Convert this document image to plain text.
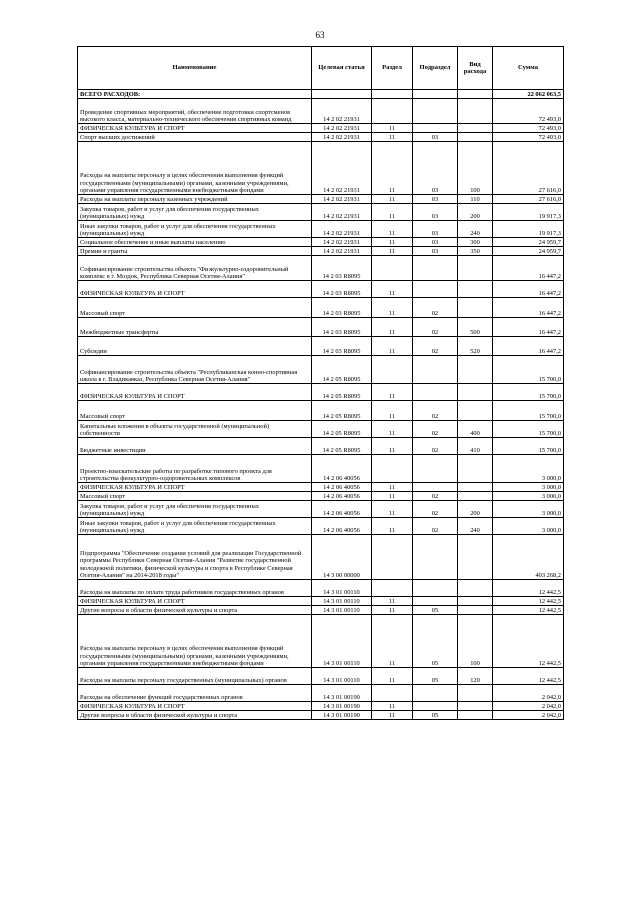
63
Наименование	Целевая статья	Раздел	Подраздел	Вид расхода	Сумма
ВСЕГО РАСХОДОВ:					22 062 063,5
Проведение спортивных мероприятий, обеспечение подготовки спортсменов высокого класса, материально-технического обеспечения спортивных команд	14 2 02 21931				72 493,0
ФИЗИЧЕСКАЯ КУЛЬТУРА И СПОРТ	14 2 02 21931	11			72 493,0
Спорт высших достижений	14 2 02 21931	11	03		72 493,0
Расходы на выплаты персоналу в целях обеспечения выполнения функций государственными (муниципальными) органами, казенными учреждениями, органами управления государственными внебюджетными фондами	14 2 02 21931	11	03	100	27 616,0
Расходы на выплаты персоналу казенных учреждений	14 2 02 21931	11	03	110	27 616,0
Закупка товаров, работ и услуг для обеспечения государственных (муниципальных) нужд	14 2 02 21931	11	03	200	19 917,3
Иные закупки товаров, работ и услуг для обеспечения государственных (муниципальных) нужд	14 2 02 21931	11	03	240	19 917,3
Социальное обеспечение и иные выплаты населению	14 2 02 21931	11	03	300	24 959,7
Премии и гранты	14 2 02 21931	11	03	350	24 959,7
Софинансирование строительства объекта "Физкультурно-оздоровительный комплекс в г. Моздок, Республика Северная Осетия-Алания"	14 2 03 R8095				16 447,2
ФИЗИЧЕСКАЯ КУЛЬТУРА И СПОРТ	14 2 03 R8095	11			16 447,2
Массовый спорт	14 2 03 R8095	11	02		16 447,2
Межбюджетные трансферты	14 2 03 R8095	11	02	500	16 447,2
Субсидии	14 2 03 R8095	11	02	520	16 447,2
Софинансирование строительства объекта "Республиканская конно-спортивная школа в г. Владикавказ, Республика Северная Осетия-Алания"	14 2 05 R8095				15 700,0
ФИЗИЧЕСКАЯ КУЛЬТУРА И СПОРТ	14 2 05 R8095	11			15 700,0
Массовый спорт	14 2 05 R8095	11	02		15 700,0
Капитальные вложения в объекты государственной (муниципальной) собственности	14 2 05 R8095	11	02	400	15 700,0
Бюджетные инвестиции	14 2 05 R8095	11	02	410	15 700,0
Проектно-изыскательские работы по разработке типового проекта для строительства физкультурно-оздоровительных комплексов	14 2 06 40056				3 000,0
ФИЗИЧЕСКАЯ КУЛЬТУРА И СПОРТ	14 2 06 40056	11			3 000,0
Массовый спорт	14 2 06 40056	11	02		3 000,0
Закупка товаров, работ и услуг для обеспечения государственных (муниципальных) нужд	14 2 06 40056	11	02	200	3 000,0
Иные закупки товаров, работ и услуг для обеспечения государственных (муниципальных) нужд	14 2 06 40056	11	02	240	3 000,0
Подпрограмма "Обеспечение создания условий для реализации Государственной программы Республики Северная Осетия-Алания "Развитие государственной молодежной политики, физической культуры и спорта в Республике Северная Осетия-Алания" на 2014-2018 годы"	14 3 00 00000				403 268,2
Расходы на выплаты по оплате труда работников государственных органов	14 3 01 00110				12 442,5
ФИЗИЧЕСКАЯ КУЛЬТУРА И СПОРТ	14 3 01 00110	11			12 442,5
Другие вопросы в области физической культуры и спорта	14 3 01 00110	11	05		12 442,5
Расходы на выплаты персоналу в целях обеспечения выполнения функций государственными (муниципальными) органами, казенными учреждениями, органами управления государственными внебюджетными фондами	14 3 01 00110	11	05	100	12 442,5
Расходы на выплаты персоналу государственных (муниципальных) органов	14 3 01 00110	11	05	120	12 442,5
Расходы на обеспечение функций государственных органов	14 3 01 00190				2 042,0
ФИЗИЧЕСКАЯ КУЛЬТУРА И СПОРТ	14 3 01 00190	11			2 042,0
Другие вопросы в области физической культуры и спорта	14 3 01 00190	11	05		2 042,0
